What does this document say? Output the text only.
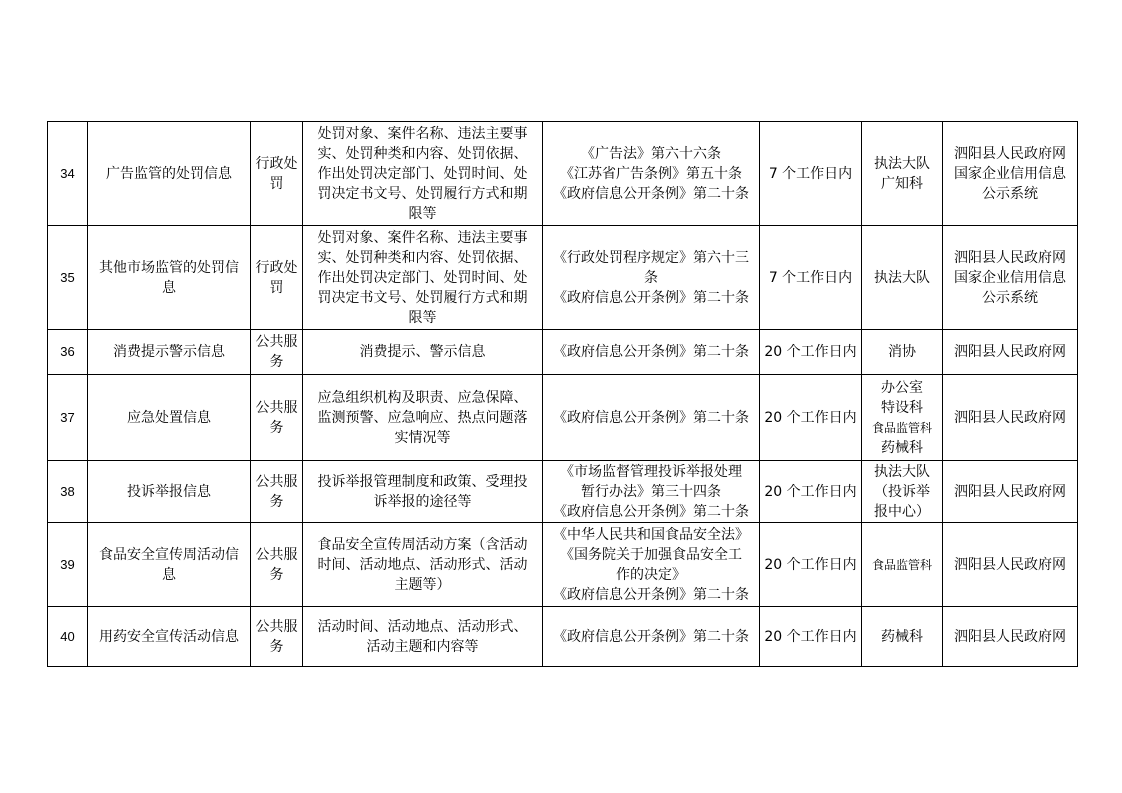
34	广告监管的处罚信息	行政处
罚	处罚对象、案件名称、违法主要事
实、处罚种类和内容、处罚依据、
作出处罚决定部门、处罚时间、处
罚决定书文号、处罚履行方式和期
限等	《广告法》第六十六条
《江苏省广告条例》第五十条
《政府信息公开条例》第二十条	7 个工作日内	执法大队
广知科	泗阳县人民政府网
国家企业信用信息
公示系统

35	其他市场监管的处罚信
息	行政处
罚	处罚对象、案件名称、违法主要事
实、处罚种类和内容、处罚依据、
作出处罚决定部门、处罚时间、处
罚决定书文号、处罚履行方式和期
限等	《行政处罚程序规定》第六十三
条
《政府信息公开条例》第二十条	7 个工作日内	执法大队	泗阳县人民政府网
国家企业信用信息
公示系统

36	消费提示警示信息	公共服
务	消费提示、警示信息	《政府信息公开条例》第二十条	20 个工作日内	消协	泗阳县人民政府网

37	应急处置信息	公共服
务	应急组织机构及职责、应急保障、
监测预警、应急响应、热点问题落
实情况等	《政府信息公开条例》第二十条	20 个工作日内	办公室
特设科
食品监管科
药械科	泗阳县人民政府网

38	投诉举报信息	公共服
务	投诉举报管理制度和政策、受理投
诉举报的途径等	《市场监督管理投诉举报处理
暂行办法》第三十四条
《政府信息公开条例》第二十条	20 个工作日内	执法大队
（投诉举
报中心）	泗阳县人民政府网

39	食品安全宣传周活动信
息	公共服
务	食品安全宣传周活动方案（含活动
时间、活动地点、活动形式、活动
主题等）	《中华人民共和国食品安全法》
《国务院关于加强食品安全工
作的决定》
《政府信息公开条例》第二十条	20 个工作日内	食品监管科	泗阳县人民政府网

40	用药安全宣传活动信息	公共服
务	活动时间、活动地点、活动形式、
活动主题和内容等	《政府信息公开条例》第二十条	20 个工作日内	药械科	泗阳县人民政府网
